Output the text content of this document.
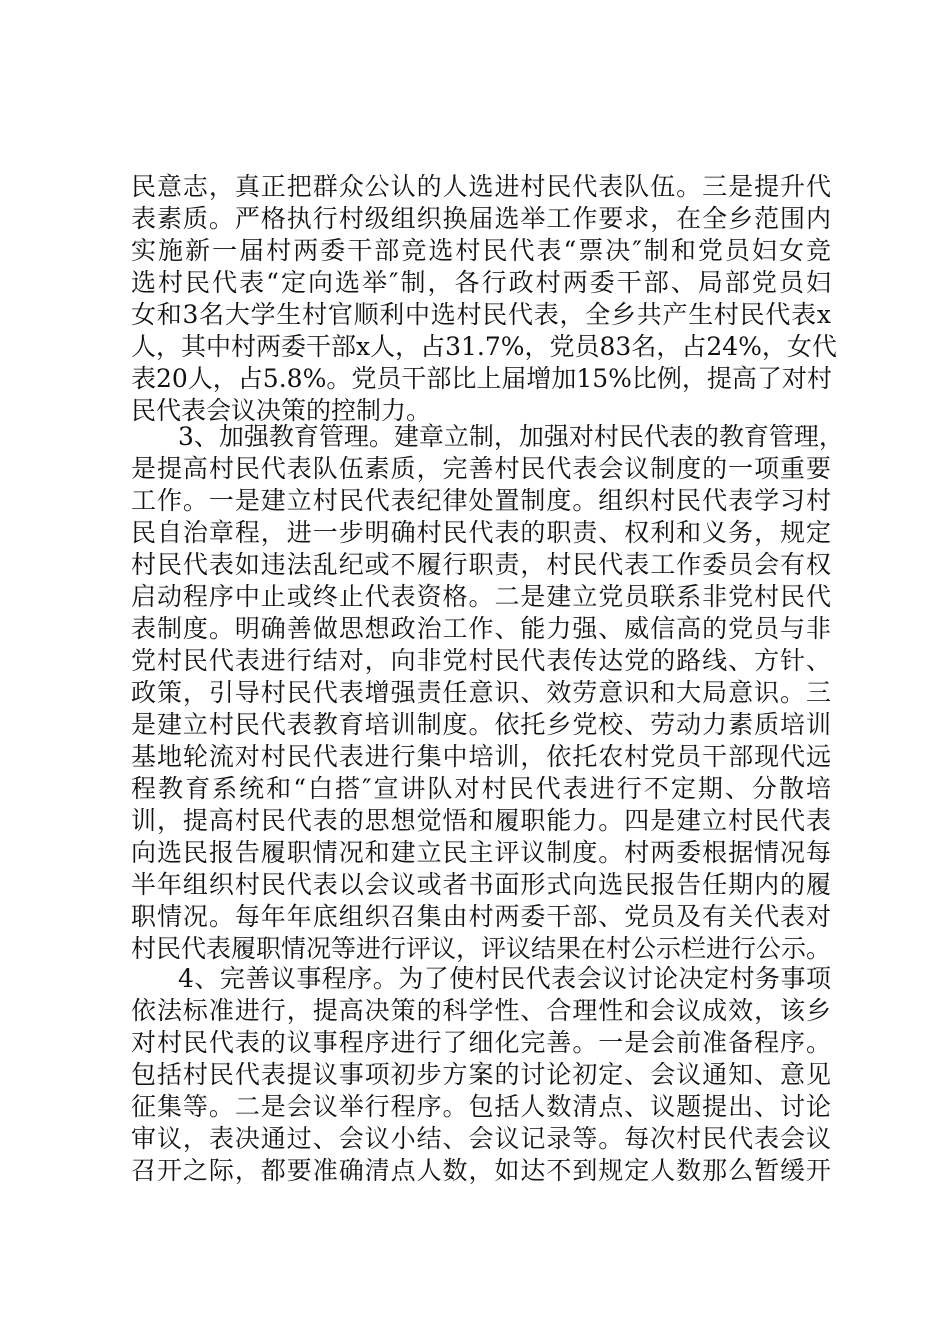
民意志，真正把群众公认的人选进村民代表队伍。三是提升代
表素质。严格执行村级组织换届选举工作要求，在全乡范围内
实施新一届村两委干部竞选村民代表“票决″制和党员妇女竞
选村民代表“定向选举″制，各行政村两委干部、局部党员妇
女和3名大学生村官顺利中选村民代表，全乡共产生村民代表x
人，其中村两委干部x人，占31.7%，党员83名，占24%，女代
表20人，占5.8%。党员干部比上届增加15%比例，提高了对村
民代表会议决策的控制力。
3、加强教育管理。建章立制，加强对村民代表的教育管理，
是提高村民代表队伍素质，完善村民代表会议制度的一项重要
工作。一是建立村民代表纪律处置制度。组织村民代表学习村
民自治章程，进一步明确村民代表的职责、权利和义务，规定
村民代表如违法乱纪或不履行职责，村民代表工作委员会有权
启动程序中止或终止代表资格。二是建立党员联系非党村民代
表制度。明确善做思想政治工作、能力强、威信高的党员与非
党村民代表进行结对，向非党村民代表传达党的路线、方针、
政策，引导村民代表增强责任意识、效劳意识和大局意识。三
是建立村民代表教育培训制度。依托乡党校、劳动力素质培训
基地轮流对村民代表进行集中培训，依托农村党员干部现代远
程教育系统和“白搭″宣讲队对村民代表进行不定期、分散培
训，提高村民代表的思想觉悟和履职能力。四是建立村民代表
向选民报告履职情况和建立民主评议制度。村两委根据情况每
半年组织村民代表以会议或者书面形式向选民报告任期内的履
职情况。每年年底组织召集由村两委干部、党员及有关代表对
村民代表履职情况等进行评议，评议结果在村公示栏进行公示。
4、完善议事程序。为了使村民代表会议讨论决定村务事项
依法标准进行，提高决策的科学性、合理性和会议成效，该乡
对村民代表的议事程序进行了细化完善。一是会前准备程序。
包括村民代表提议事项初步方案的讨论初定、会议通知、意见
征集等。二是会议举行程序。包括人数清点、议题提出、讨论
审议，表决通过、会议小结、会议记录等。每次村民代表会议
召开之际，都要准确清点人数，如达不到规定人数那么暂缓开
